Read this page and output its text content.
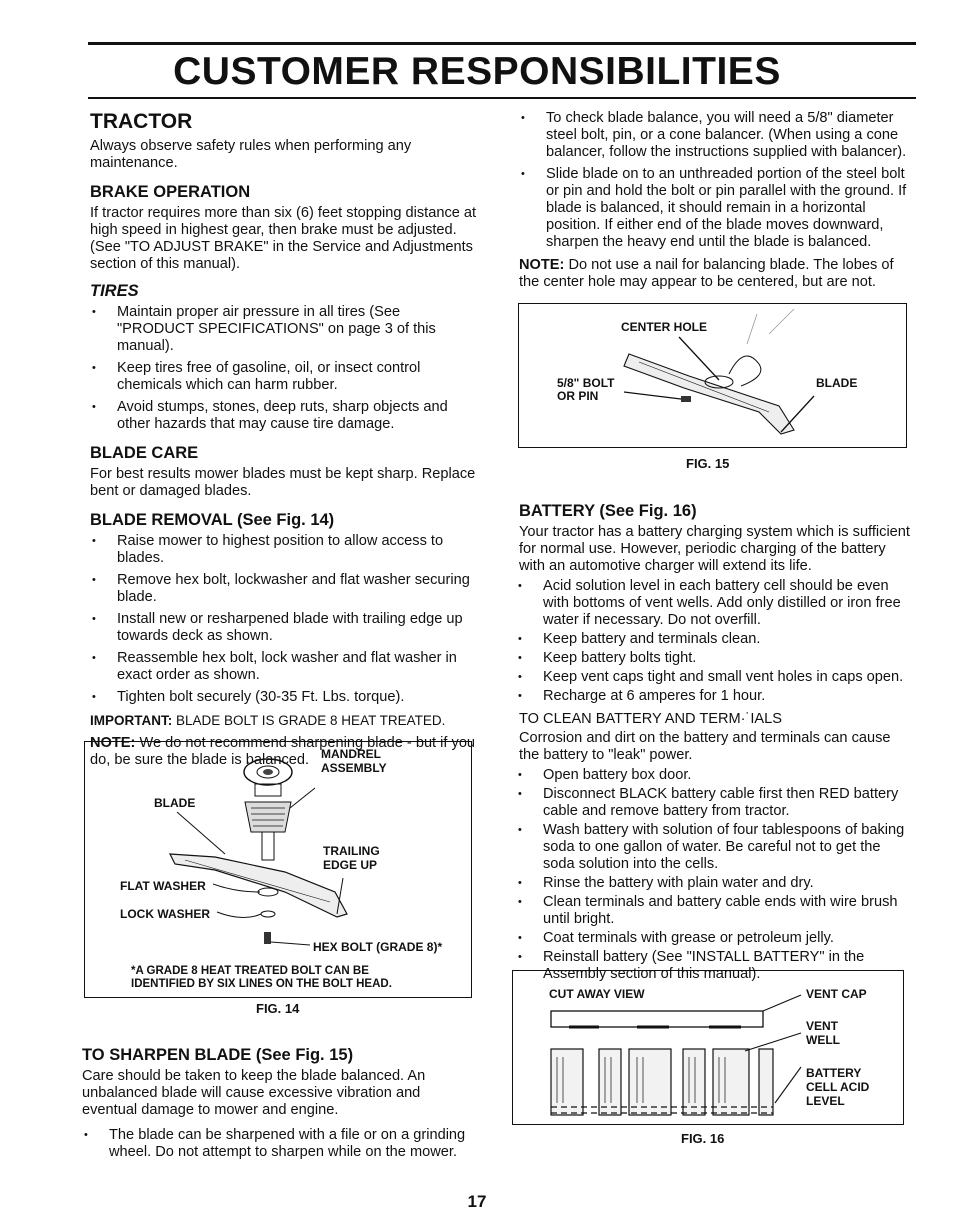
CUSTOMER RESPONSIBILITIES
TRACTOR

Always observe safety rules when performing any maintenance.

BRAKE OPERATION

If tractor requires more than six (6) feet stopping distance at high speed in highest gear, then brake must be adjusted. (See "TO ADJUST BRAKE" in the Service and Adjustments section of this manual).

TIRES
• Maintain proper air pressure in all tires (See "PRODUCT SPECIFICATIONS" on page 3 of this manual).
• Keep tires free of gasoline, oil, or insect control chemicals which can harm rubber.
• Avoid stumps, stones, deep ruts, sharp objects and other hazards that may cause tire damage.
BLADE CARE

For best results mower blades must be kept sharp. Replace bent or damaged blades.

BLADE REMOVAL (See Fig. 14)
• Raise mower to highest position to allow access to blades.
• Remove hex bolt, lockwasher and flat washer securing blade.
• Install new or resharpened blade with trailing edge up towards deck as shown.
• Reassemble hex bolt, lock washer and flat washer in exact order as shown.
• Tighten bolt securely (30-35 Ft. Lbs. torque).

IMPORTANT: BLADE BOLT IS GRADE 8 HEAT TREATED.

NOTE: We do not recommend sharpening blade - but if you do, be sure the blade is balanced. MANDREL
ASSEMBLY
BLADE
TRAILING
EDGE UP
FLAT WASHER
LOCK WASHER
HEX BOLT (GRADE 8)*
*A GRADE 8 HEAT TREATED BOLT CAN BE
IDENTIFIED BY SIX LINES ON THE BOLT HEAD.
FIG. 14
TO SHARPEN BLADE (See Fig. 15)

Care should be taken to keep the blade balanced. An unbalanced blade will cause excessive vibration and eventual damage to mower and engine.

• The blade can be sharpened with a file or on a grinding wheel. Do not attempt to sharpen while on the mower.
• To check blade balance, you will need a 5/8" diameter steel bolt, pin, or a cone balancer. (When using a cone balancer, follow the instructions supplied with balancer).
• Slide blade on to an unthreaded portion of the steel bolt or pin and hold the bolt or pin parallel with the ground. If blade is balanced, it should remain in a horizontal position. If either end of the blade moves downward, sharpen the heavy end until the blade is balanced.

NOTE: Do not use a nail for balancing blade. The lobes of the center hole may appear to be centered, but are not.

CENTER HOLE
5/8" BOLT
OR PIN
BLADE
FIG. 15
BATTERY (See Fig. 16)

Your tractor has a battery charging system which is sufficient for normal use. However, periodic charging of the battery with an automotive charger will extend its life.

• Acid solution level in each battery cell should be even with bottoms of vent wells. Add only distilled or iron free water if necessary. Do not overfill.
• Keep battery and terminals clean.
• Keep battery bolts tight.
• Keep vent caps tight and small vent holes in caps open.
• Recharge at 6 amperes for 1 hour.

TO CLEAN BATTERY AND TERM·˙IALS

Corrosion and dirt on the battery and terminals can cause the battery to "leak" power.

• Open battery box door.
• Disconnect BLACK battery cable first then RED battery cable and remove battery from tractor.
• Wash battery with solution of four tablespoons of baking soda to one gallon of water. Be careful not to get the soda solution into the cells.
• Rinse the battery with plain water and dry.
• Clean terminals and battery cable ends with wire brush until bright.
• Coat terminals with grease or petroleum jelly.
• Reinstall battery (See "INSTALL BATTERY" in the Assembly section of this manual).
CUT AWAY VIEW	VENT CAP
VENT
WELL
BATTERY
CELL ACID
LEVEL
FIG. 16
17
